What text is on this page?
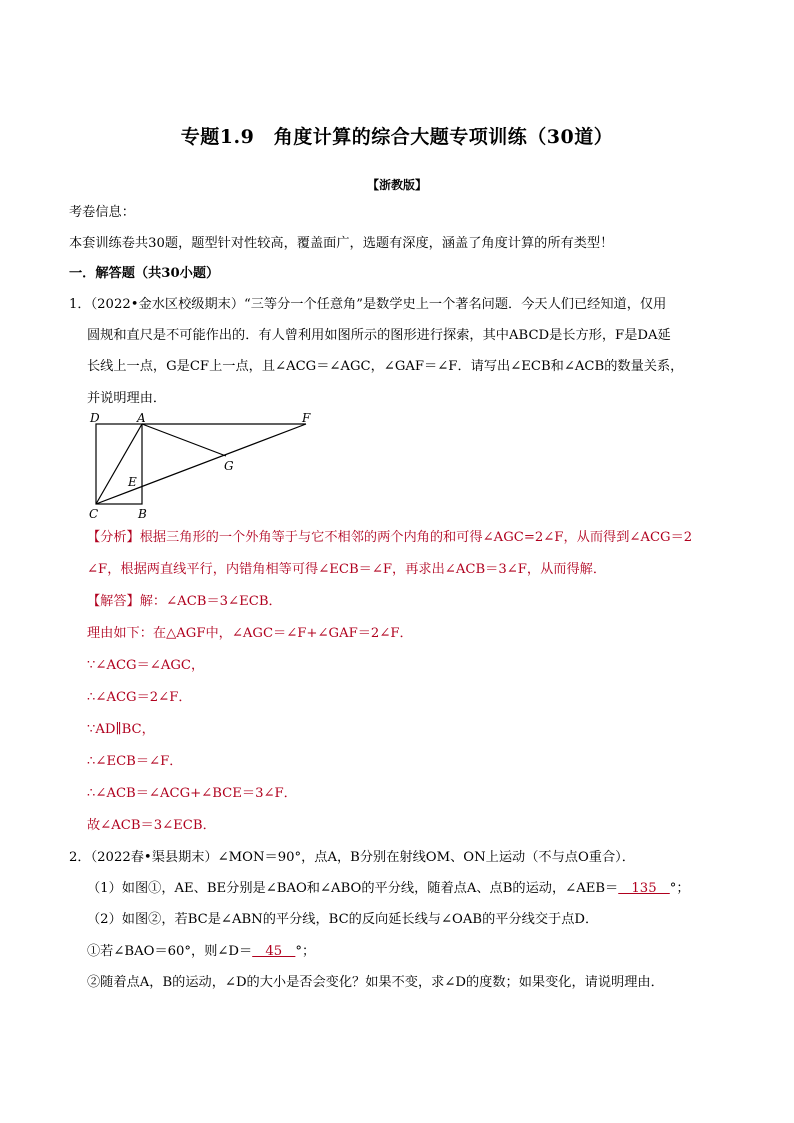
专题1.9　角度计算的综合大题专项训练（30道）
【浙教版】
考卷信息：
本套训练卷共30题，题型针对性较高，覆盖面广，选题有深度，涵盖了角度计算的所有类型！
一．解答题（共30小题）
1．（2022•金水区校级期末）“三等分一个任意角”是数学史上一个著名问题．今天人们已经知道，仅用
圆规和直尺是不可能作出的．有人曾利用如图所示的图形进行探索，其中ABCD是长方形，F是DA延
长线上一点，G是CF上一点，且∠ACG＝∠AGC，∠GAF＝∠F．请写出∠ECB和∠ACB的数量关系，
并说明理由．
D	A	F
G
E
C	B
【分析】根据三角形的一个外角等于与它不相邻的两个内角的和可得∠AGC=2∠F，从而得到∠ACG＝2
∠F，根据两直线平行，内错角相等可得∠ECB＝∠F，再求出∠ACB＝3∠F，从而得解．
【解答】解：∠ACB＝3∠ECB．
理由如下：在△AGF中，∠AGC＝∠F+∠GAF＝2∠F．
∵∠ACG＝∠AGC，
∴∠ACG＝2∠F．
∵AD∥BC，
∴∠ECB＝∠F．
∴∠ACB＝∠ACG+∠BCE＝3∠F．
故∠ACB＝3∠ECB．
2．（2022春•渠县期末）∠MON＝90°，点A，B分别在射线OM、ON上运动（不与点O重合）．
（1）如图①，AE、BE分别是∠BAO和∠ABO的平分线，随着点A、点B的运动，∠AEB＝　135　°；
（2）如图②，若BC是∠ABN的平分线，BC的反向延长线与∠OAB的平分线交于点D．
①若∠BAO＝60°，则∠D＝　45　°；
②随着点A，B的运动，∠D的大小是否会变化？如果不变，求∠D的度数；如果变化，请说明理由．
